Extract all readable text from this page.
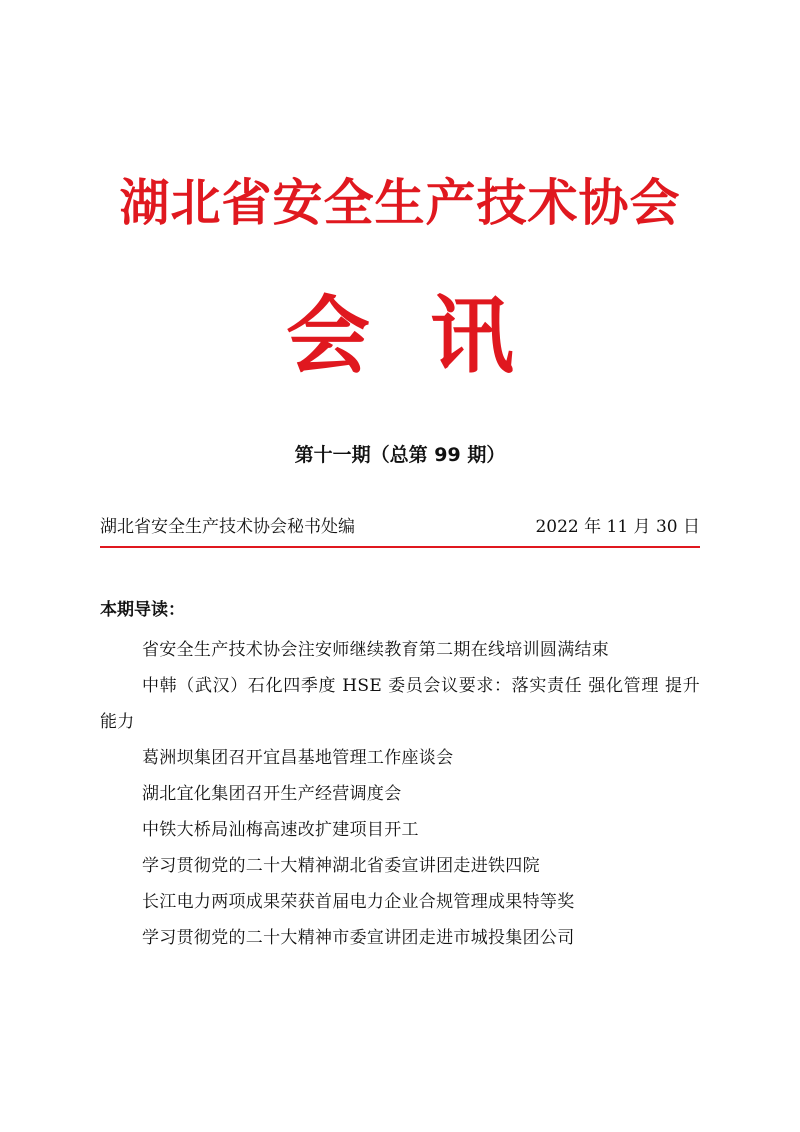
湖北省安全生产技术协会
会讯
第十一期（总第 99 期）
湖北省安全生产技术协会秘书处编	2022 年 11 月 30 日
本期导读：
省安全生产技术协会注安师继续教育第二期在线培训圆满结束
中韩（武汉）石化四季度 HSE 委员会议要求：落实责任 强化管理 提升能力
葛洲坝集团召开宜昌基地管理工作座谈会
湖北宜化集团召开生产经营调度会
中铁大桥局汕梅高速改扩建项目开工
学习贯彻党的二十大精神湖北省委宣讲团走进铁四院
长江电力两项成果荣获首届电力企业合规管理成果特等奖
学习贯彻党的二十大精神市委宣讲团走进市城投集团公司
